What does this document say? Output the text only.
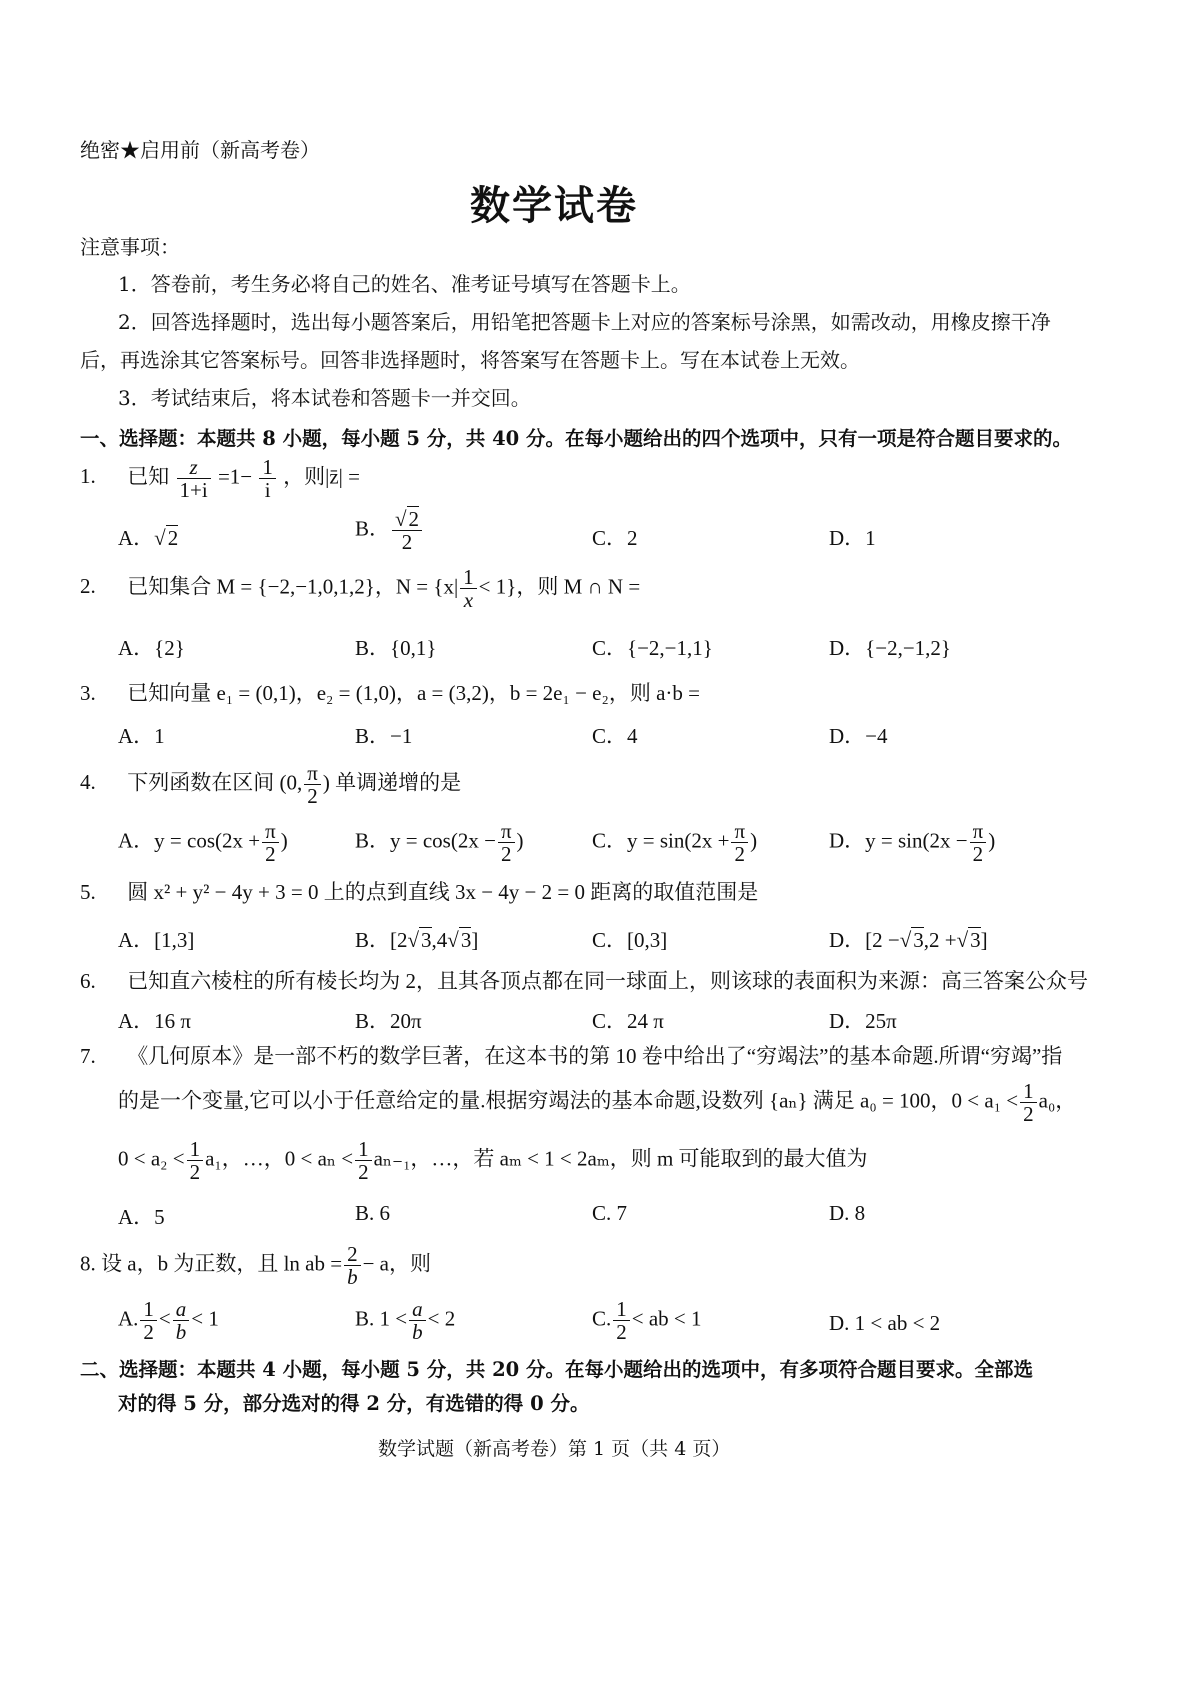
绝密★启用前（新高考卷）
数学试卷
注意事项：
1．答卷前，考生务必将自己的姓名、准考证号填写在答题卡上。
2．回答选择题时，选出每小题答案后，用铅笔把答题卡上对应的答案标号涂黑，如需改动，用橡皮擦干净
后，再选涂其它答案标号。回答非选择题时，将答案写在答题卡上。写在本试卷上无效。
3．考试结束后，将本试卷和答题卡一并交回。
一、选择题：本题共 8 小题，每小题 5 分，共 40 分。在每小题给出的四个选项中，只有一项是符合题目要求的。
1. 已知 $\frac{z}{1+i} =1- \frac{1}{i}$ ，则|z̄| =
A．√2	B． $\frac{√2}{2}$	C．2	D．1
2. 已知集合 M = {−2,−1,0,1,2}，$N = \{x| \frac{1}{x} < 1\}$，则 M ∩ N =
A．{2}	B．{0,1}	C．{−2,−1,1}	D．{−2,−1,2}
3. 已知向量 e₁ = (0,1)，e₂ = (1,0)，a = (3,2)，b = 2e₁ − e₂，则 a·b =
A．1	B．−1	C．4	D．−4
4. 下列函数在区间 (0, $\frac{\pi}{2}$ ) 单调递增的是
A．$y = \cos(2x + \frac{\pi}{2}$ )	B．$y = \cos(2x - \frac{\pi}{2}$ )	C．$y = \sin(2x + \frac{\pi}{2}$ )	D．$y = \sin(2x - \frac{\pi}{2}$ )
5. 圆 x² + y² − 4y + 3 = 0 上的点到直线 3x − 4y − 2 = 0 距离的取值范围是
A．[1,3]	B．[2√3,4√3]	C．[0,3]	D．[2 −√3,2 +√3]
6. 已知直六棱柱的所有棱长均为 2，且其各顶点都在同一球面上，则该球的表面积为来源：高三答案公众号
A．16 π	B．20π	C．24 π	D．25π
7. 《几何原本》是一部不朽的数学巨著，在这本书的第 10 卷中给出了“穷竭法”的基本命题.所谓“穷竭”指
的是一个变量,它可以小于任意给定的量.根据穷竭法的基本命题,设数列 {aₙ} 满足 a₀ = 100，$0 < a_1 < \frac{1}{2} a_0$，
$0 < a_2 < \frac{1}{2} a_1$，…，$0 < a_n < \frac{1}{2} a_{n-1}$，…，若 aₘ < 1 < 2aₘ，则 m 可能取到的最大值为
A．5	B. 6	C. 7	D. 8
8. 设 a，b 为正数，且 ln ab = $\frac{2}{b} - a$，则
A. $\frac{1}{2} < \frac{a}{b} < 1$	B. $1 < \frac{a}{b} < 2$	C. $\frac{1}{2}$ < ab < 1	D. 1 < ab < 2
二、选择题：本题共 4 小题，每小题 5 分，共 20 分。在每小题给出的选项中，有多项符合题目要求。全部选
对的得 5 分，部分选对的得 2 分，有选错的得 0 分。
数学试题（新高考卷）第 1 页（共 4 页）
